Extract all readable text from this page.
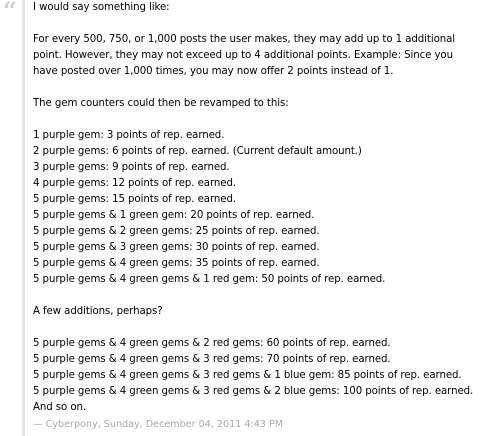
“ I would say something like:
For every 500, 750, or 1,000 posts the user makes, they may add up to 1 additional
point. However, they may not exceed up to 4 additional points. Example: Since you
have posted over 1,000 times, you may now offer 2 points instead of 1.
The gem counters could then be revamped to this:
1 purple gem: 3 points of rep. earned.
2 purple gems: 6 points of rep. earned. (Current default amount.)
3 purple gems: 9 points of rep. earned.
4 purple gems: 12 points of rep. earned.
5 purple gems: 15 points of rep. earned.
5 purple gems & 1 green gem: 20 points of rep. earned.
5 purple gems & 2 green gems: 25 points of rep. earned.
5 purple gems & 3 green gems: 30 points of rep. earned.
5 purple gems & 4 green gems: 35 points of rep. earned.
5 purple gems & 4 green gems & 1 red gem: 50 points of rep. earned.
A few additions, perhaps?
5 purple gems & 4 green gems & 2 red gems: 60 points of rep. earned.
5 purple gems & 4 green gems & 3 red gems: 70 points of rep. earned.
5 purple gems & 4 green gems & 3 red gems & 1 blue gem: 85 points of rep. earned.
5 purple gems & 4 green gems & 3 red gems & 2 blue gems: 100 points of rep. earned.
And so on.
— Cyberpony, Sunday, December 04, 2011 4:43 PM
